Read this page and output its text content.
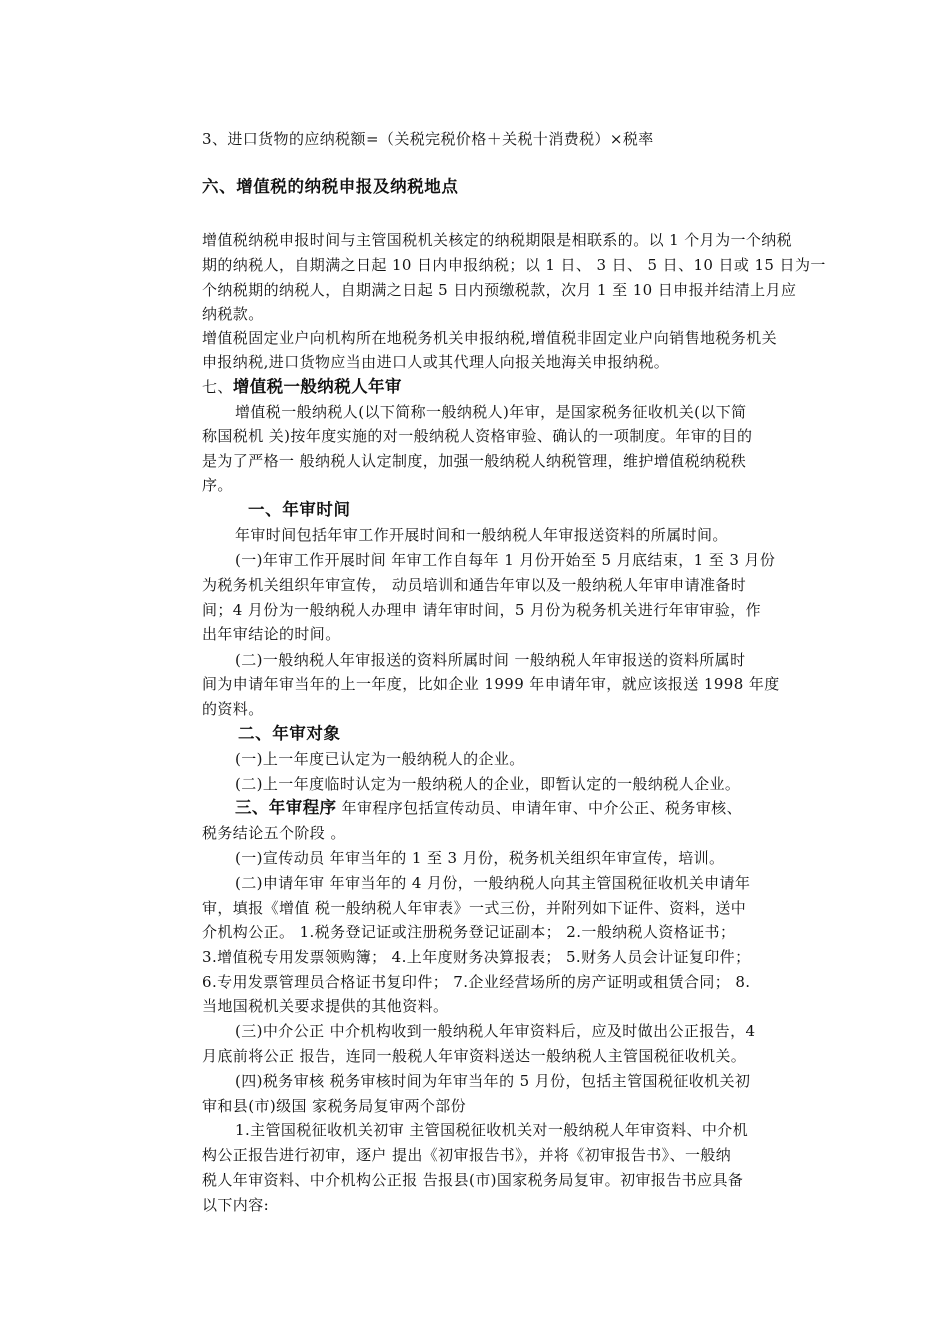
3、进口货物的应纳税额=（关税完税价格＋关税十消费税）×税率
六、增值税的纳税申报及纳税地点
增值税纳税申报时间与主管国税机关核定的纳税期限是相联系的。以 1 个月为一个纳税
期的纳税人，自期满之日起 10 日内申报纳税；以 1 日、 3 日、 5 日、10 日或 15 日为一
个纳税期的纳税人，自期满之日起 5 日内预缴税款，次月 1 至 10 日申报并结清上月应
纳税款。
增值税固定业户向机构所在地税务机关申报纳税,增值税非固定业户向销售地税务机关
申报纳税,进口货物应当由进口人或其代理人向报关地海关申报纳税。
七、增值税一般纳税人年审
增值税一般纳税人(以下简称一般纳税人)年审，是国家税务征收机关(以下简
称国税机 关)按年度实施的对一般纳税人资格审验、确认的一项制度。年审的目的
是为了严格一 般纳税人认定制度，加强一般纳税人纳税管理，维护增值税纳税秩
序。
一、年审时间
年审时间包括年审工作开展时间和一般纳税人年审报送资料的所属时间。
(一)年审工作开展时间 年审工作自每年 1 月份开始至 5 月底结束，1 至 3 月份
为税务机关组织年审宣传， 动员培训和通告年审以及一般纳税人年审申请准备时
间；4 月份为一般纳税人办理申 请年审时间，5 月份为税务机关进行年审审验，作
出年审结论的时间。
(二)一般纳税人年审报送的资料所属时间 一般纳税人年审报送的资料所属时
间为申请年审当年的上一年度，比如企业 1999 年申请年审，就应该报送 1998 年度
的资料。
二、年审对象
(一)上一年度已认定为一般纳税人的企业。
(二)上一年度临时认定为一般纳税人的企业，即暂认定的一般纳税人企业。
三、年审程序 年审程序包括宣传动员、申请年审、中介公正、税务审核、
税务结论五个阶段 。
(一)宣传动员 年审当年的 1 至 3 月份，税务机关组织年审宣传，培训。
(二)申请年审 年审当年的 4 月份，一般纳税人向其主管国税征收机关申请年
审，填报《增值 税一般纳税人年审表》一式三份，并附列如下证件、资料，送中
介机构公正。 1.税务登记证或注册税务登记证副本； 2.一般纳税人资格证书；
3.增值税专用发票领购簿； 4.上年度财务决算报表； 5.财务人员会计证复印件；
6.专用发票管理员合格证书复印件； 7.企业经营场所的房产证明或租赁合同； 8.
当地国税机关要求提供的其他资料。
(三)中介公正 中介机构收到一般纳税人年审资料后，应及时做出公正报告，4
月底前将公正 报告，连同一般税人年审资料送达一般纳税人主管国税征收机关。
(四)税务审核 税务审核时间为年审当年的 5 月份，包括主管国税征收机关初
审和县(市)级国 家税务局复审两个部份
1.主管国税征收机关初审 主管国税征收机关对一般纳税人年审资料、中介机
构公正报告进行初审，逐户 提出《初审报告书》，并将《初审报告书》、一般纳
税人年审资料、中介机构公正报 告报县(市)国家税务局复审。初审报告书应具备
以下内容:
